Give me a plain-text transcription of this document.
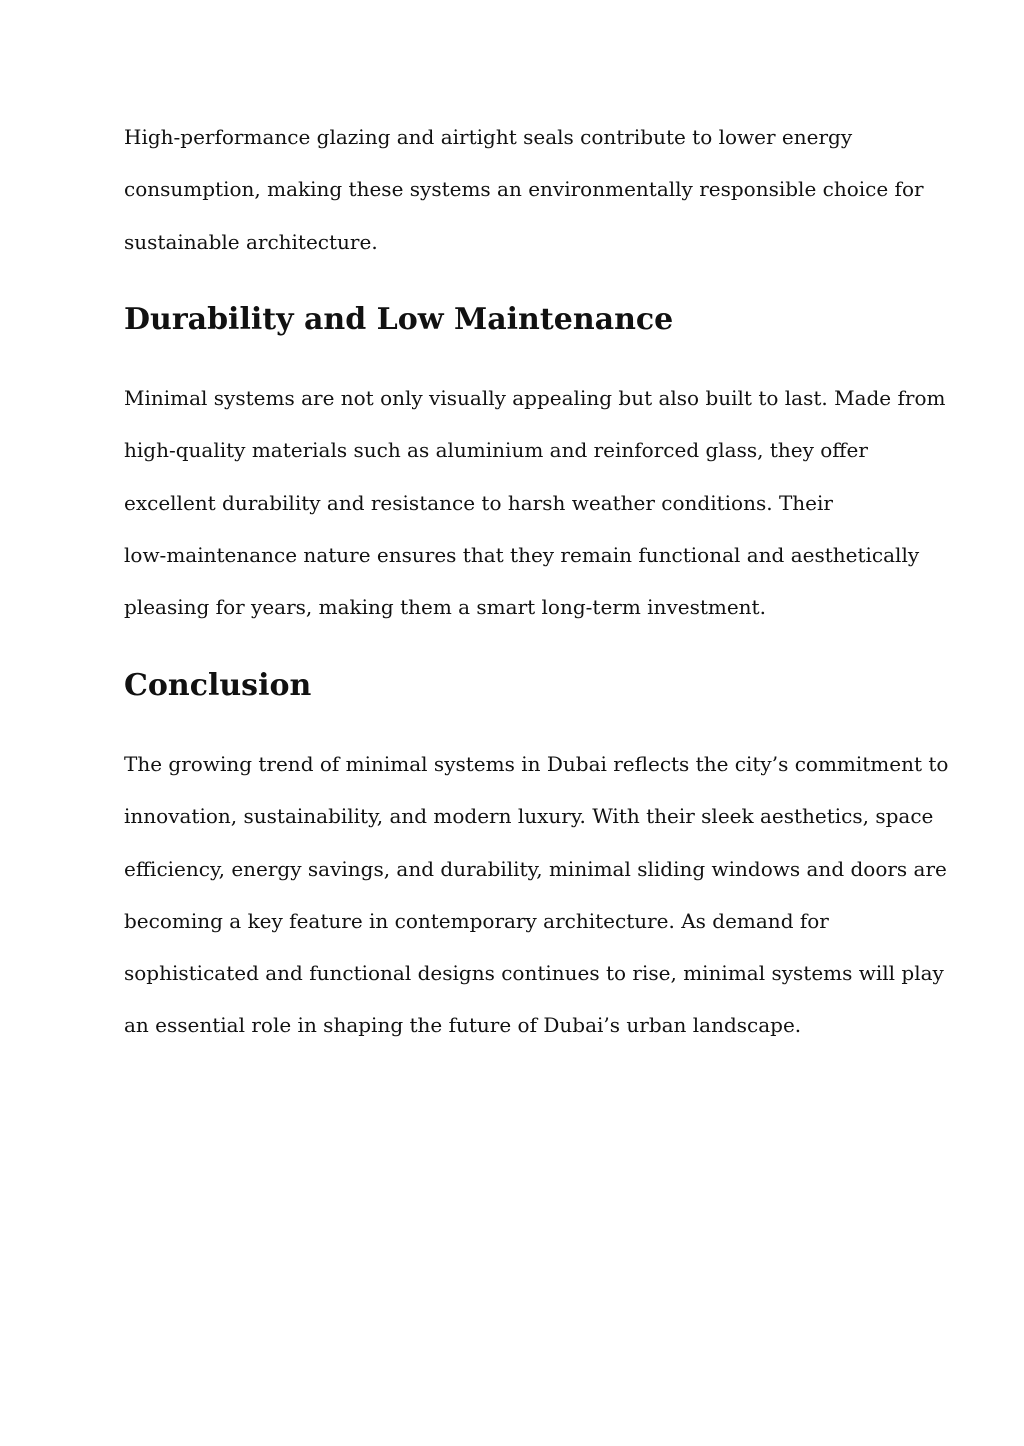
High-performance glazing and airtight seals contribute to lower energy
consumption, making these systems an environmentally responsible choice for
sustainable architecture.

Durability and Low Maintenance

Minimal systems are not only visually appealing but also built to last. Made from
high-quality materials such as aluminium and reinforced glass, they offer
excellent durability and resistance to harsh weather conditions. Their
low-maintenance nature ensures that they remain functional and aesthetically
pleasing for years, making them a smart long-term investment.

Conclusion

The growing trend of minimal systems in Dubai reflects the city’s commitment to
innovation, sustainability, and modern luxury. With their sleek aesthetics, space
efficiency, energy savings, and durability, minimal sliding windows and doors are
becoming a key feature in contemporary architecture. As demand for
sophisticated and functional designs continues to rise, minimal systems will play
an essential role in shaping the future of Dubai’s urban landscape.
